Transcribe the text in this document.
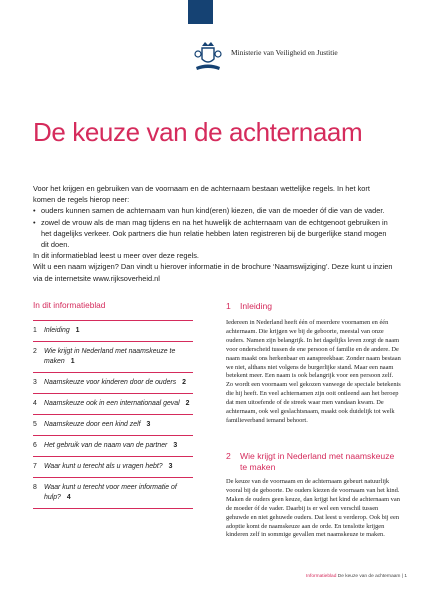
Ministerie van Veiligheid en Justitie
De keuze van de achternaam

Voor het krijgen en gebruiken van de voornaam en de achternaam bestaan wettelijke regels. In het kort komen de regels hierop neer:

• ouders kunnen samen de achternaam van hun kind(eren) kiezen, die van de moeder óf die van de vader.
• zowel de vrouw als de man mag tijdens en na het huwelijk de achternaam van de echtgenoot gebruiken in het dagelijks verkeer. Ook partners die hun relatie hebben laten registreren bij de burgerlijke stand mogen dit doen.

In dit informatieblad leest u meer over deze regels.

Wilt u een naam wijzigen? Dan vindt u hierover informatie in de brochure ‘Naamswijziging’. Deze kunt u inzien via de internetsite www.rijksoverheid.nl

In dit informatieblad
1	Inleiding 1
2	Wie krijgt in Nederland met naamskeuze te maken 1
3	Naamskeuze voor kinderen door de ouders 2
4	Naamskeuze ook in een internationaal geval 2
5	Naamskeuze door een kind zelf 3
6	Het gebruik van de naam van de partner 3
7	Waar kunt u terecht als u vragen hebt? 3
8	Waar kunt u terecht voor meer informatie of hulp? 4
1	Inleiding

Iedereen in Nederland heeft één of meerdere voornamen en één achternaam. Die krijgen we bij de geboorte, meestal van onze ouders. Namen zijn belangrijk. In het dagelijks leven zorgt de naam voor onderscheid tussen de ene persoon of familie en de andere. De naam maakt ons herkenbaar en aanspreekbaar. Zonder naam bestaan we niet, althans niet volgens de burgerlijke stand. Maar een naam betekent meer. Een naam is ook belangrijk voor een persoon zelf. Zo wordt een voornaam wel gekozen vanwege de speciale betekenis die hij heeft. En veel achternamen zijn ooit ontleend aan het beroep dat men uitoefende of de streek waar men vandaan kwam. De achternaam, ook wel geslachtsnaam, maakt ook duidelijk tot welk familieverband iemand behoort.

2	Wie krijgt in Nederland met naamskeuze te maken

De keuze van de voornaam en de achternaam gebeurt natuurlijk vooral bij de geboorte. De ouders kiezen de voornaam van het kind. Maken de ouders geen keuze, dan krijgt het kind de achternaam van de moeder óf de vader. Daarbij is er wel een verschil tussen gehuwde en niet gehuwde ouders. Dat leest u verderop. Ook bij een adoptie komt de naamskeuze aan de orde. En tenslotte krijgen kinderen zelf in sommige gevallen met naamskeuze te maken.

Informatieblad De keuze van de achternaam | 1
